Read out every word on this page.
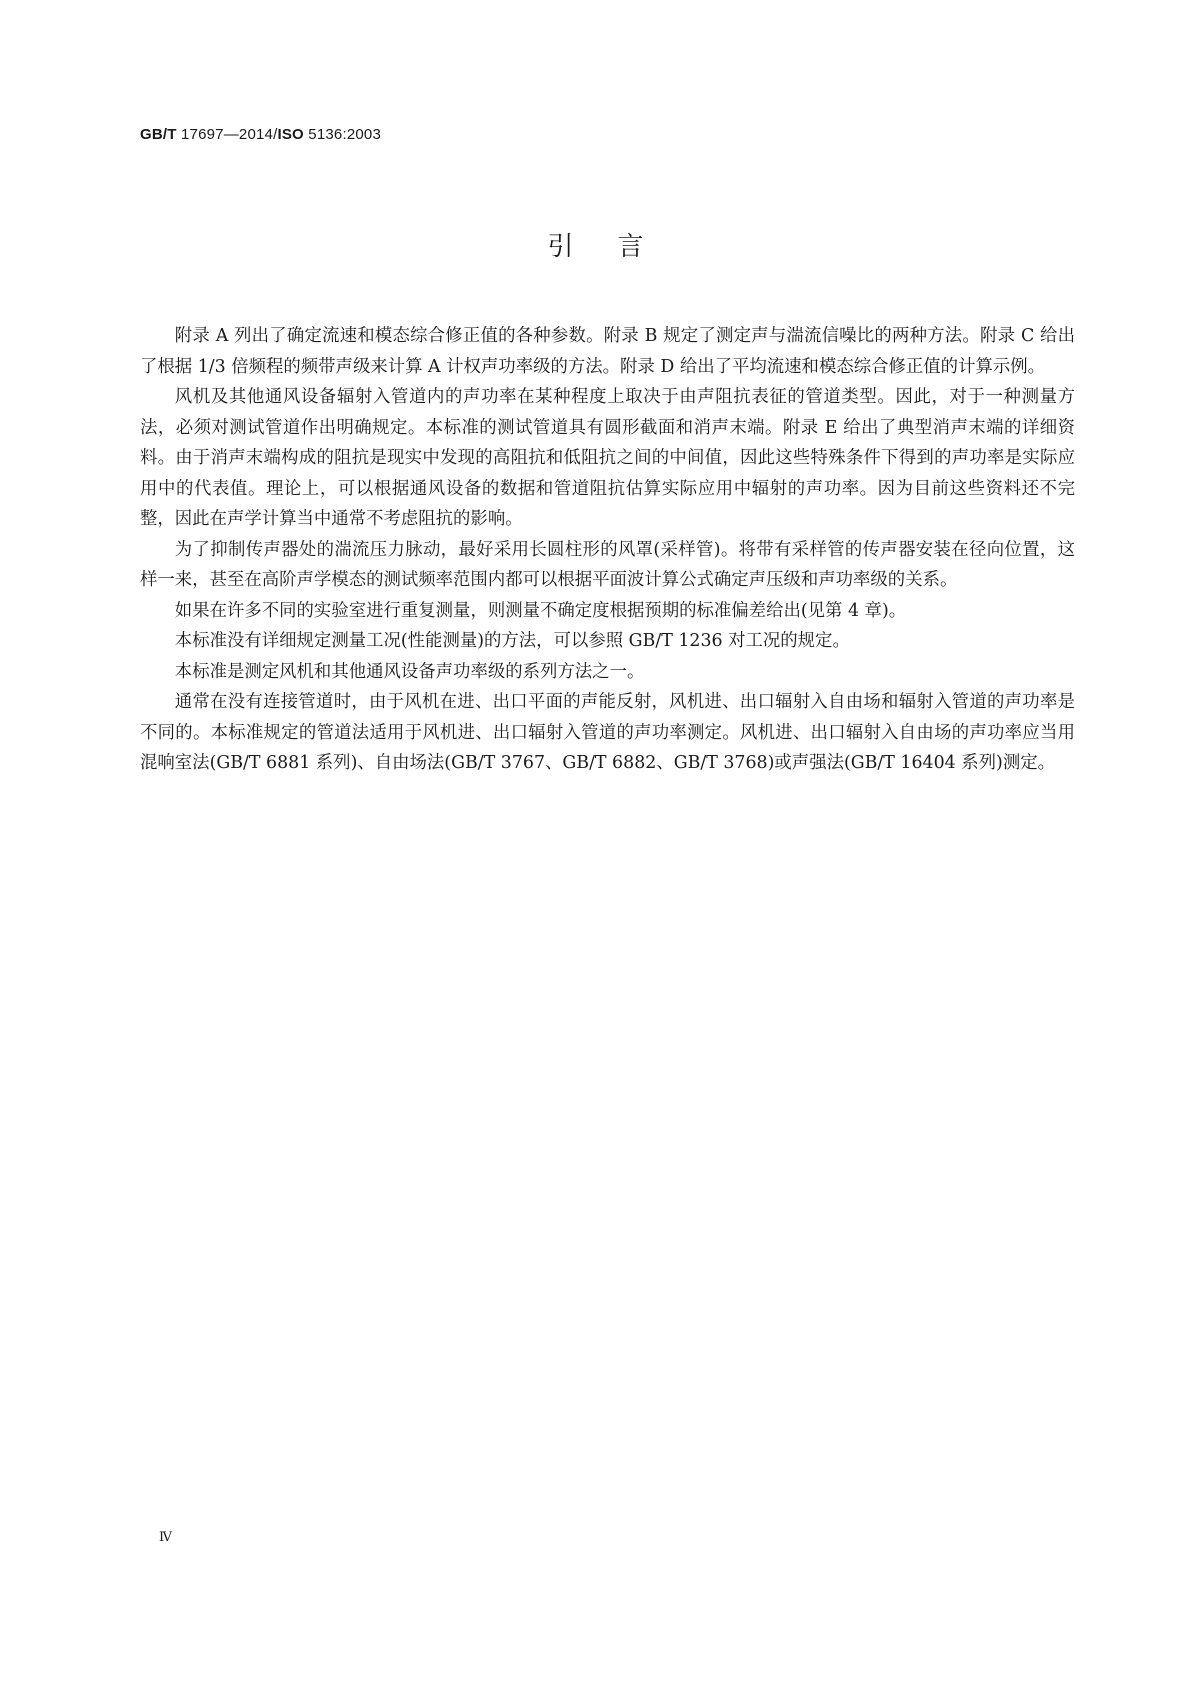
GB/T 17697—2014/ISO 5136:2003
引言

附录 A 列出了确定流速和模态综合修正值的各种参数。附录 B 规定了测定声与湍流信噪比的两种方法。附录 C 给出了根据 1/3 倍频程的频带声级来计算 A 计权声功率级的方法。附录 D 给出了平均流速和模态综合修正值的计算示例。

风机及其他通风设备辐射入管道内的声功率在某种程度上取决于由声阻抗表征的管道类型。因此，对于一种测量方法，必须对测试管道作出明确规定。本标准的测试管道具有圆形截面和消声末端。附录 E 给出了典型消声末端的详细资料。由于消声末端构成的阻抗是现实中发现的高阻抗和低阻抗之间的中间值，因此这些特殊条件下得到的声功率是实际应用中的代表值。理论上，可以根据通风设备的数据和管道阻抗估算实际应用中辐射的声功率。因为目前这些资料还不完整，因此在声学计算当中通常不考虑阻抗的影响。

为了抑制传声器处的湍流压力脉动，最好采用长圆柱形的风罩(采样管)。将带有采样管的传声器安装在径向位置，这样一来，甚至在高阶声学模态的测试频率范围内都可以根据平面波计算公式确定声压级和声功率级的关系。

如果在许多不同的实验室进行重复测量，则测量不确定度根据预期的标准偏差给出(见第 4 章)。

本标准没有详细规定测量工况(性能测量)的方法，可以参照 GB/T 1236 对工况的规定。

本标准是测定风机和其他通风设备声功率级的系列方法之一。

通常在没有连接管道时，由于风机在进、出口平面的声能反射，风机进、出口辐射入自由场和辐射入管道的声功率是不同的。本标准规定的管道法适用于风机进、出口辐射入管道的声功率测定。风机进、出口辐射入自由场的声功率应当用混响室法(GB/T 6881 系列)、自由场法(GB/T 3767、GB/T 6882、GB/T 3768)或声强法(GB/T 16404 系列)测定。

Ⅳ
